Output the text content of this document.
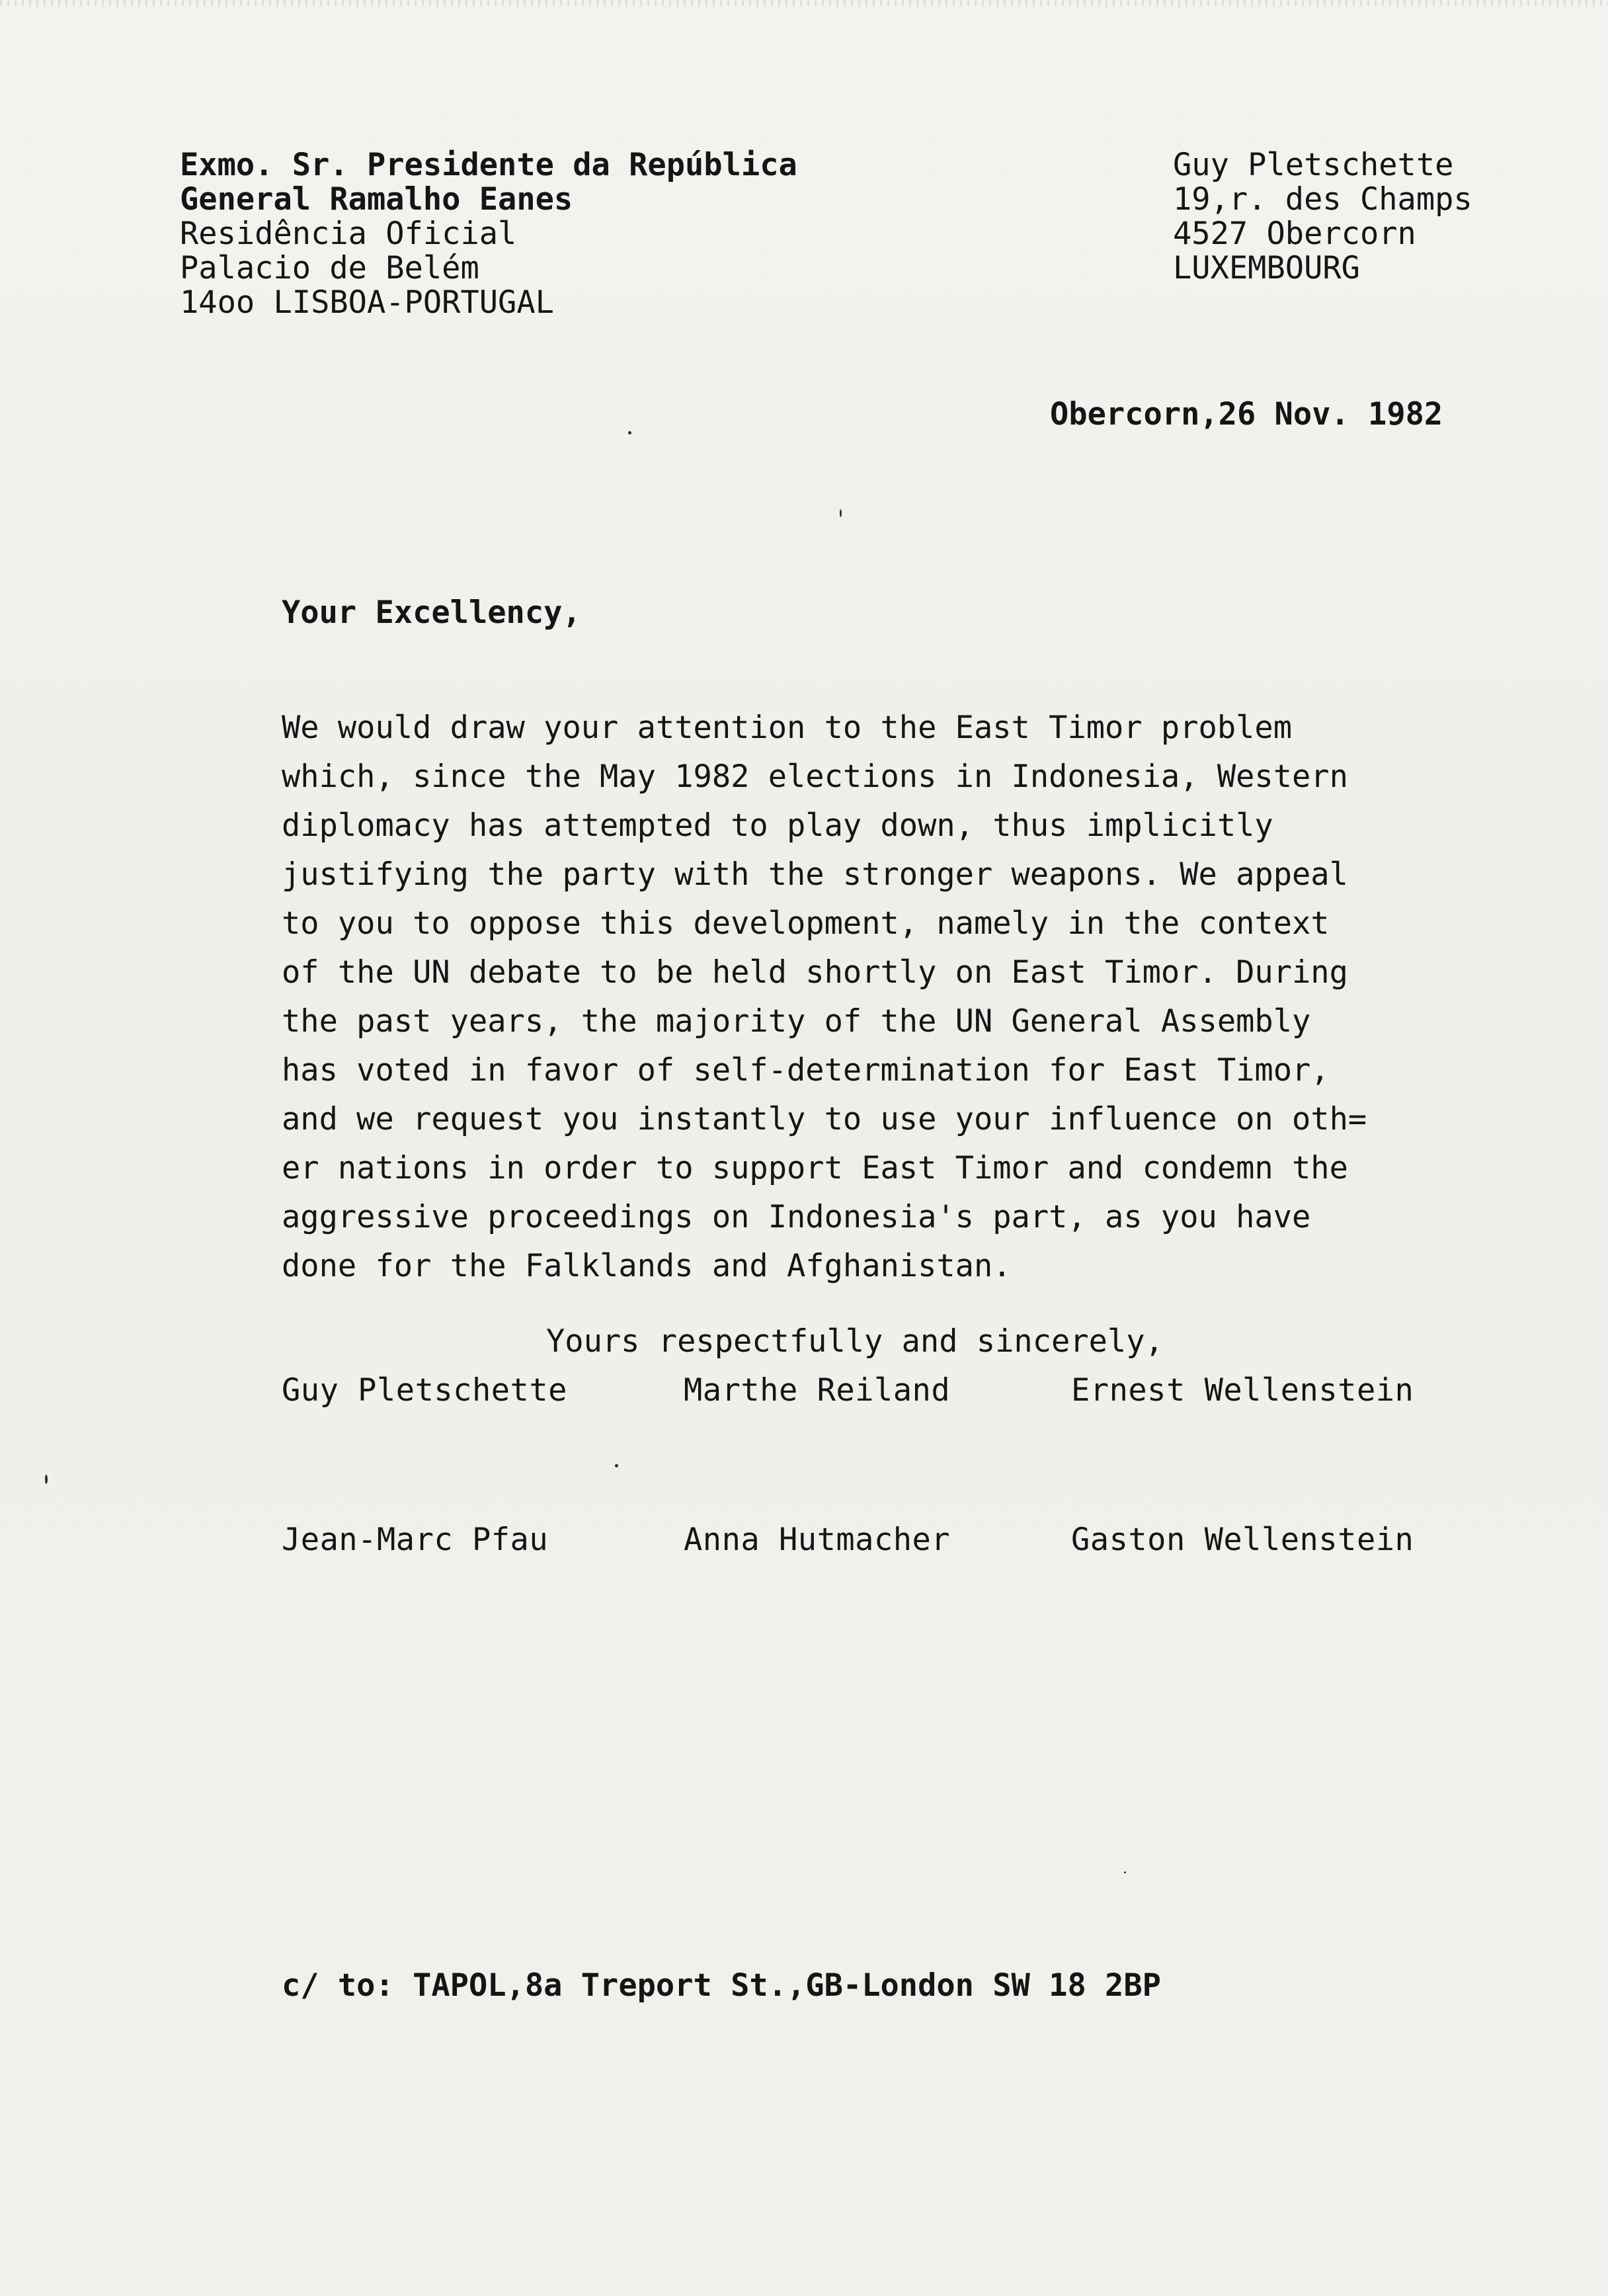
Exmo. Sr. Presidente da República
General Ramalho Eanes
Residência Oficial
Palacio de Belém
14oo LISBOA-PORTUGAL
Guy Pletschette
19,r. des Champs
4527 Obercorn
LUXEMBOURG
Obercorn,26 Nov. 1982
Your Excellency,
We would draw your attention to the East Timor problem
which, since the May 1982 elections in Indonesia, Western
diplomacy has attempted to play down, thus implicitly
justifying the party with the stronger weapons. We appeal
to you to oppose this development, namely in the context
of the UN debate to be held shortly on East Timor. During
the past years, the majority of the UN General Assembly
has voted in favor of self-determination for East Timor,
and we request you instantly to use your influence on oth=
er nations in order to support East Timor and condemn the
aggressive proceedings on Indonesia's part, as you have
done for the Falklands and Afghanistan.
Yours respectfully and sincerely,
Guy Pletschette	Marthe Reiland	Ernest Wellenstein
Jean-Marc Pfau	Anna Hutmacher	Gaston Wellenstein
c/ to: TAPOL,8a Treport St.,GB-London SW 18 2BP
